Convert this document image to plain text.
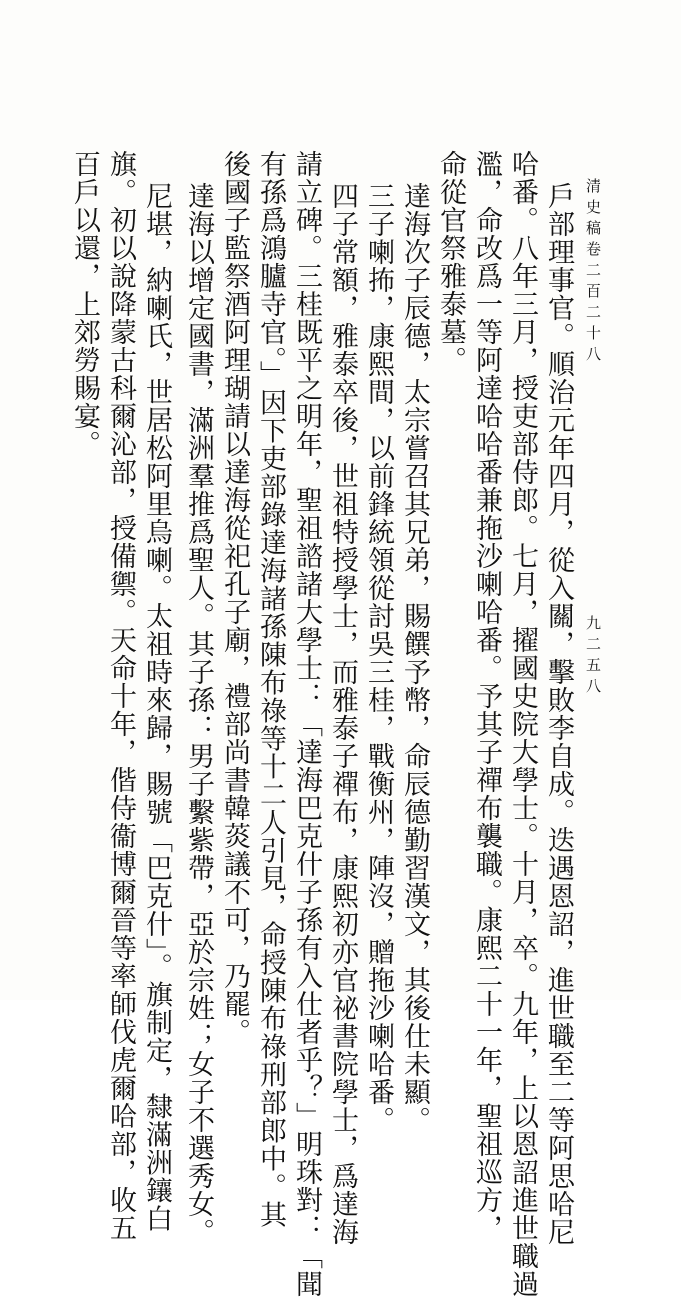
清史稿卷二百二十八
九二五八
戶部理事官。順治元年四月，從入關，擊敗李自成。迭遇恩詔，進世職至二等阿思哈尼
哈番。八年三月，授吏部侍郎。七月，擢國史院大學士。十月，卒。九年，上以恩詔進世職過
濫，命改爲一等阿達哈哈番兼拖沙喇哈番。予其子禪布襲職。康熙二十一年，聖祖巡方，
命從官祭雅泰墓。
達海次子辰德，太宗嘗召其兄弟，賜饌予幣，命辰德勤習漢文，其後仕未顯。
三子喇抪，康熙間，以前鋒統領從討吳三桂，戰衡州，陣沒，贈拖沙喇哈番。
四子常額，雅泰卒後，世祖特授學士，而雅泰子禪布，康熙初亦官祕書院學士，爲達海
請立碑。三桂既平之明年，聖祖諮諸大學士：「達海巴克什子孫有入仕者乎？」明珠對：「聞
有孫爲鴻臚寺官。」因下吏部錄達海諸孫陳布祿等十二人引見，命授陳布祿刑部郎中。其
後國子監祭酒阿理瑚請以達海從祀孔子廟，禮部尚書韓菼議不可，乃罷。
達海以增定國書，滿洲羣推爲聖人。其子孫：男子繫紫帶，亞於宗姓；女子不選秀女。
尼堪，納喇氏，世居松阿里烏喇。太祖時來歸，賜號「巴克什」。旗制定，隸滿洲鑲白
旗。初以說降蒙古科爾沁部，授備禦。天命十年，偕侍衞博爾晉等率師伐虎爾哈部，收五
百戶以還，上郊勞賜宴。
